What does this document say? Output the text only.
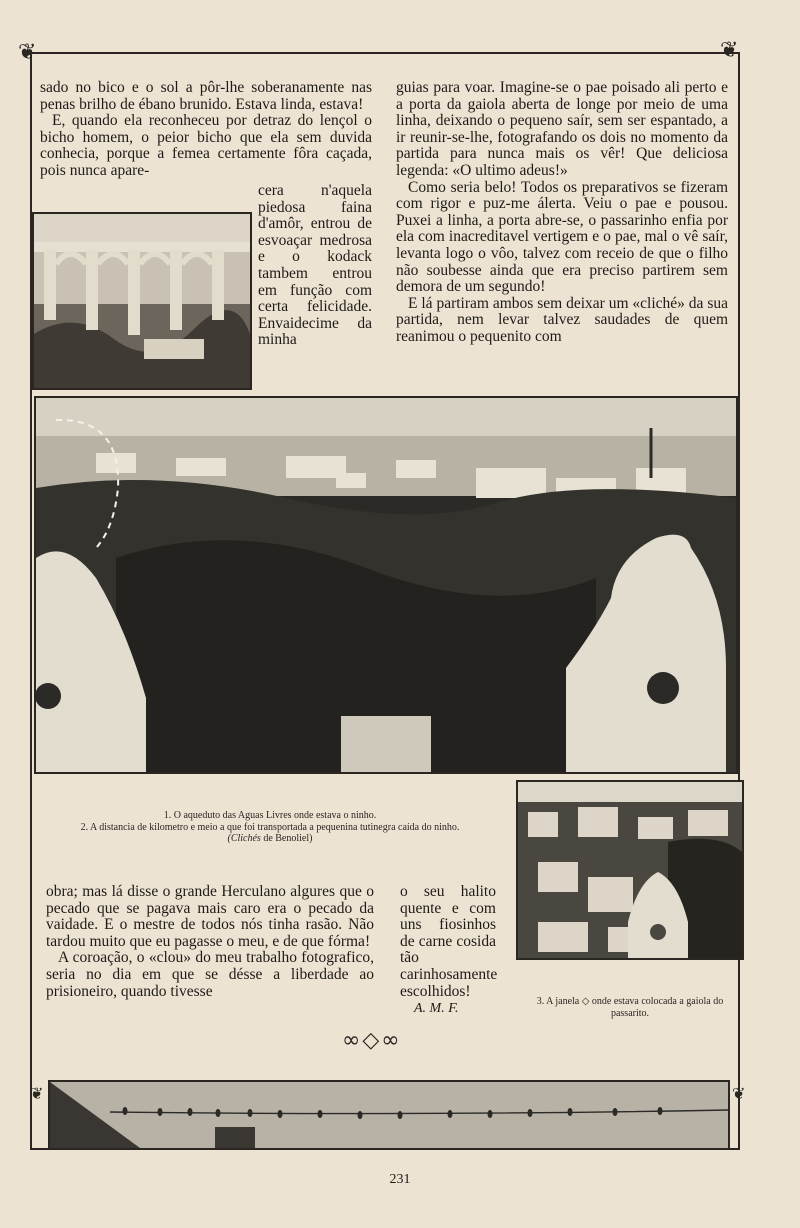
❦	❦

sado no bico e o sol a pôr-lhe soberanamente nas penas brilho de ébano brunido. Estava linda, estava!

E, quando ela reconheceu por detraz do lençol o bicho homem, o peior bicho que ela sem duvida conhecia, porque a femea certamente fôra caçada, pois nunca apare-

cera n'aquela piedosa faina d'amôr, entrou de esvoaçar medrosa e o kodack tambem entrou em função com certa felicidade. Envaidecime da minha

guias para voar. Imagine-se o pae poisado ali perto e a porta da gaiola aberta de longe por meio de uma linha, deixando o pequeno saír, sem ser espantado, a ir reunir-se-lhe, fotografando os dois no momento da partida para nunca mais os vêr! Que deliciosa legenda: «O ultimo adeus!»

Como seria belo! Todos os preparativos se fizeram com rigor e puz-me álerta. Veiu o pae e pousou. Puxei a linha, a porta abre-se, o passarinho enfia por ela com inacreditavel vertigem e o pae, mal o vê saír, levanta logo o vôo, talvez com receio de que o filho não soubesse ainda que era preciso partirem sem demora de um segundo!

E lá partiram ambos sem deixar um «cliché» da sua partida, nem levar talvez saudades de quem reanimou o pequenito com

1. O aqueduto das Aguas Livres onde estava o ninho.
2. A distancia de kilometro e meio a que foi transportada a pequenina tutinegra caída do ninho.
(Clichés de Benoliel)

obra; mas lá disse o grande Herculano algures que o pecado que se pagava mais caro era o pecado da vaidade. E o mestre de todos nós tinha rasão. Não tardou muito que eu pagasse o meu, e de que fórma!

A coroação, o «clou» do meu trabalho fotografico, seria no dia em que se désse a liberdade ao prisioneiro, quando tivesse

o seu halito quente e com uns fiosinhos de carne cosida tão carinhosamente escolhidos!

A. M. F.	3. A janela ◇ onde estava colocada a gaiola do passarito.
∞◇∞
❦	❦
231
